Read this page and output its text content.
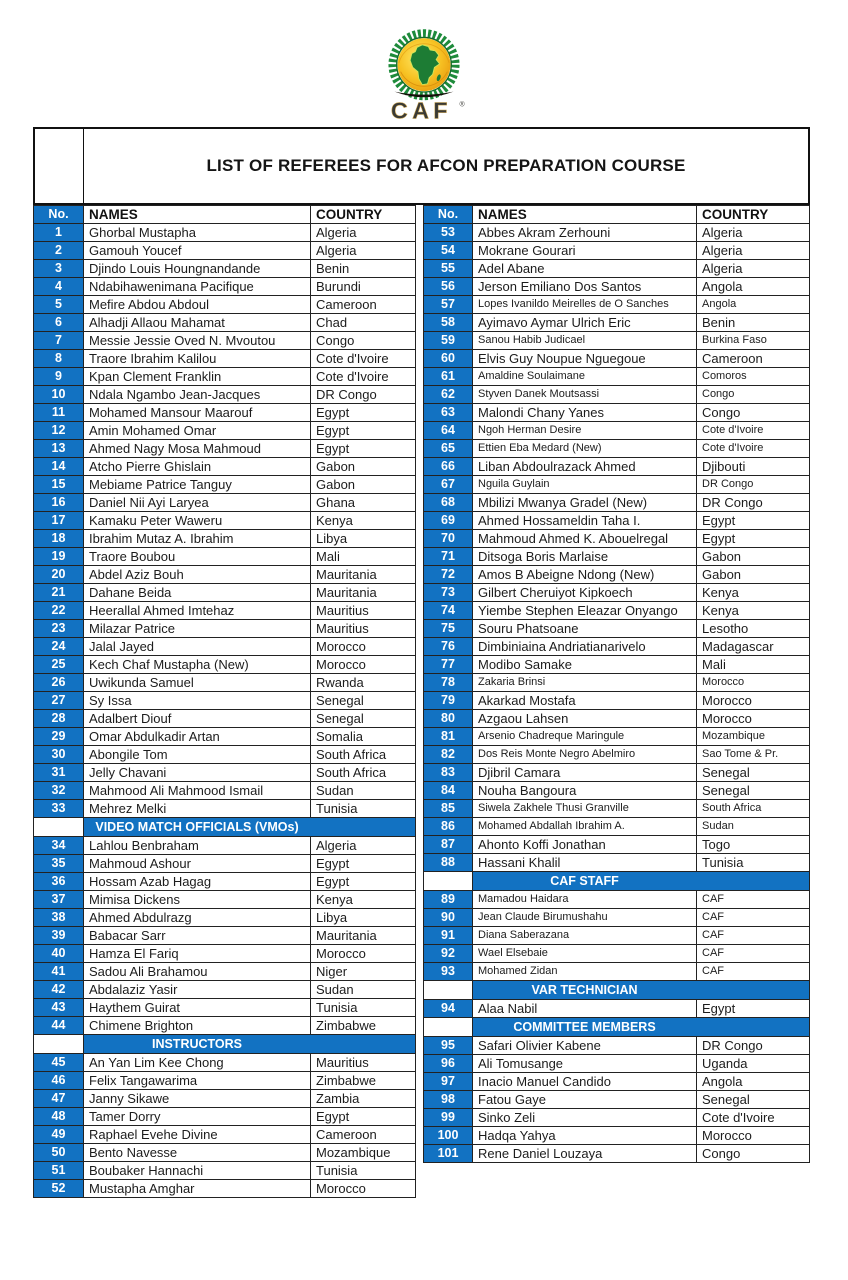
CAF ®
LIST OF REFEREES FOR AFCON PREPARATION COURSE
No.	NAMES	COUNTRY
1	Ghorbal Mustapha	Algeria
2	Gamouh Youcef	Algeria
3	Djindo Louis Houngnandande	Benin
4	Ndabihawenimana Pacifique	Burundi
5	Mefire Abdou Abdoul	Cameroon
6	Alhadji Allaou Mahamat	Chad
7	Messie Jessie Oved N. Mvoutou	Congo
8	Traore Ibrahim Kalilou	Cote d'Ivoire
9	Kpan Clement Franklin	Cote d'Ivoire
10	Ndala Ngambo Jean-Jacques	DR Congo
11	Mohamed Mansour Maarouf	Egypt
12	Amin Mohamed Omar	Egypt
13	Ahmed Nagy Mosa Mahmoud	Egypt
14	Atcho Pierre Ghislain	Gabon
15	Mebiame Patrice Tanguy	Gabon
16	Daniel Nii Ayi Laryea	Ghana
17	Kamaku Peter Waweru	Kenya
18	Ibrahim Mutaz A. Ibrahim	Libya
19	Traore Boubou	Mali
20	Abdel Aziz Bouh	Mauritania
21	Dahane Beida	Mauritania
22	Heerallal Ahmed Imtehaz	Mauritius
23	Milazar Patrice	Mauritius
24	Jalal Jayed	Morocco
25	Kech Chaf Mustapha (New)	Morocco
26	Uwikunda Samuel	Rwanda
27	Sy Issa	Senegal
28	Adalbert Diouf	Senegal
29	Omar Abdulkadir Artan	Somalia
30	Abongile Tom	South Africa
31	Jelly Chavani	South Africa
32	Mahmood Ali Mahmood Ismail	Sudan
33	Mehrez Melki	Tunisia
	VIDEO MATCH OFFICIALS (VMOs)	
34	Lahlou Benbraham	Algeria
35	Mahmoud Ashour	Egypt
36	Hossam Azab Hagag	Egypt
37	Mimisa Dickens	Kenya
38	Ahmed Abdulrazg	Libya
39	Babacar Sarr	Mauritania
40	Hamza El Fariq	Morocco
41	Sadou Ali Brahamou	Niger
42	Abdalaziz Yasir	Sudan
43	Haythem Guirat	Tunisia
44	Chimene Brighton	Zimbabwe
	INSTRUCTORS	
45	An Yan Lim Kee Chong	Mauritius
46	Felix Tangawarima	Zimbabwe
47	Janny Sikawe	Zambia
48	Tamer Dorry	Egypt
49	Raphael Evehe Divine	Cameroon
50	Bento Navesse	Mozambique
51	Boubaker Hannachi	Tunisia
52	Mustapha Amghar	Morocco
No.	NAMES	COUNTRY
53	Abbes Akram Zerhouni	Algeria
54	Mokrane Gourari	Algeria
55	Adel Abane	Algeria
56	Jerson Emiliano Dos Santos	Angola
57	Lopes Ivanildo Meirelles de O Sanches	Angola
58	Ayimavo Aymar Ulrich Eric	Benin
59	Sanou Habib Judicael	Burkina Faso
60	Elvis Guy Noupue Nguegoue	Cameroon
61	Amaldine Soulaimane	Comoros
62	Styven Danek Moutsassi	Congo
63	Malondi Chany Yanes	Congo
64	Ngoh Herman Desire	Cote d'Ivoire
65	Ettien Eba Medard (New)	Cote d'Ivoire
66	Liban Abdoulrazack Ahmed	Djibouti
67	Nguila Guylain	DR Congo
68	Mbilizi Mwanya Gradel (New)	DR Congo
69	Ahmed Hossameldin Taha I.	Egypt
70	Mahmoud Ahmed K. Abouelregal	Egypt
71	Ditsoga Boris Marlaise	Gabon
72	Amos B Abeigne Ndong (New)	Gabon
73	Gilbert Cheruiyot Kipkoech	Kenya
74	Yiembe Stephen Eleazar Onyango	Kenya
75	Souru Phatsoane	Lesotho
76	Dimbiniaina Andriatianarivelo	Madagascar
77	Modibo Samake	Mali
78	Zakaria Brinsi	Morocco
79	Akarkad Mostafa	Morocco
80	Azgaou Lahsen	Morocco
81	Arsenio Chadreque Maringule	Mozambique
82	Dos Reis Monte Negro Abelmiro	Sao Tome & Pr.
83	Djibril Camara	Senegal
84	Nouha Bangoura	Senegal
85	Siwela Zakhele Thusi Granville	South Africa
86	Mohamed Abdallah Ibrahim A.	Sudan
87	Ahonto Koffi Jonathan	Togo
88	Hassani Khalil	Tunisia
	CAF STAFF	
89	Mamadou Haidara	CAF
90	Jean Claude Birumushahu	CAF
91	Diana Saberazana	CAF
92	Wael Elsebaie	CAF
93	Mohamed Zidan	CAF
	VAR TECHNICIAN	
94	Alaa Nabil	Egypt
	COMMITTEE MEMBERS	
95	Safari Olivier Kabene	DR Congo
96	Ali Tomusange	Uganda
97	Inacio Manuel Candido	Angola
98	Fatou Gaye	Senegal
99	Sinko Zeli	Cote d'Ivoire
100	Hadqa Yahya	Morocco
101	Rene Daniel Louzaya	Congo
